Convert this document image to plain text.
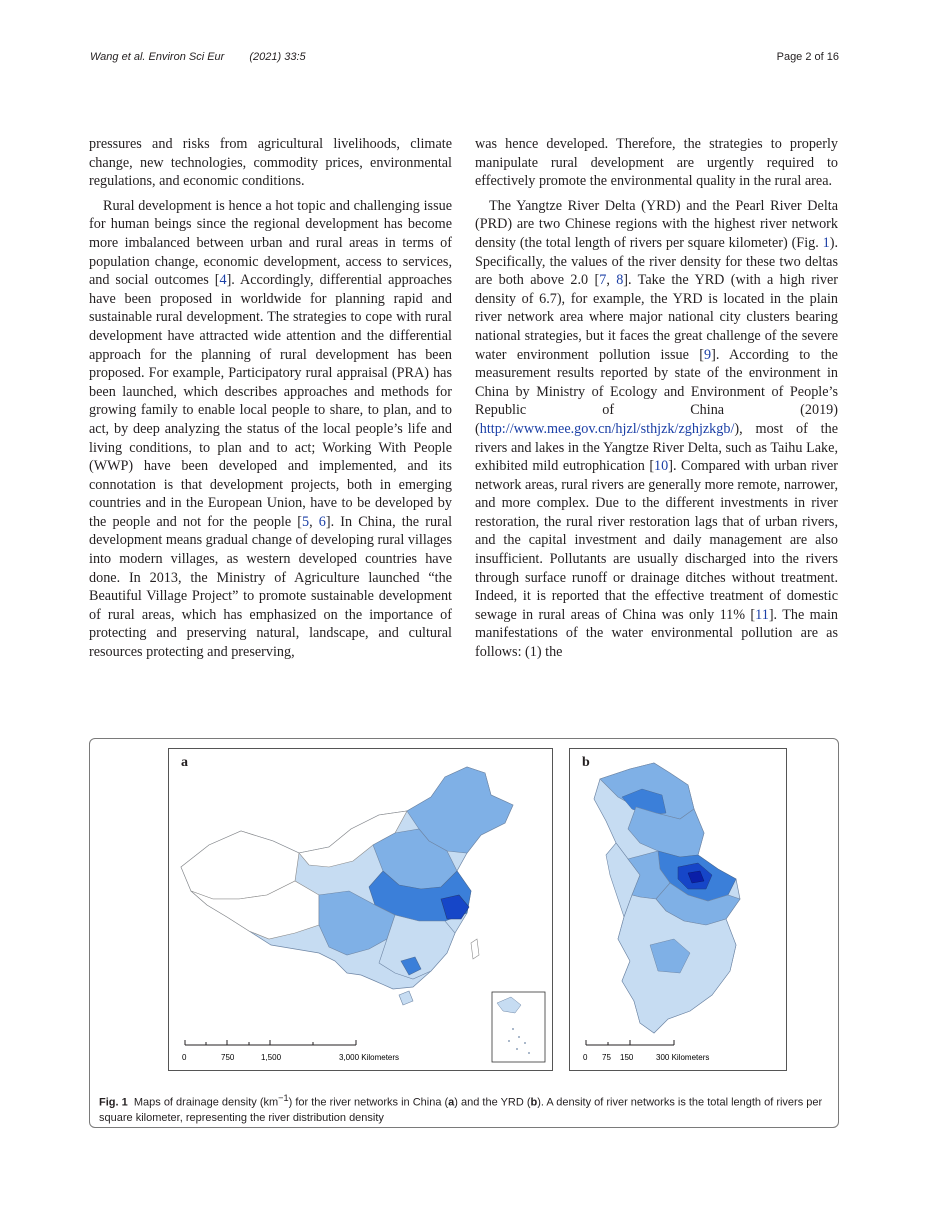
Wang et al. Environ Sci Eur (2021) 33:5	Page 2 of 16

pressures and risks from agricultural livelihoods, climate change, new technologies, commodity prices, environmental regulations, and economic conditions.

Rural development is hence a hot topic and challenging issue for human beings since the regional development has become more imbalanced between urban and rural areas in terms of population change, economic development, access to services, and social outcomes [4]. Accordingly, differential approaches have been proposed in worldwide for planning rapid and sustainable rural development. The strategies to cope with rural development have attracted wide attention and the differential approach for the planning of rural development has been proposed. For example, Participatory rural appraisal (PRA) has been launched, which describes approaches and methods for growing family to enable local people to share, to plan, and to act, by deep analyzing the status of the local people’s life and living conditions, to plan and to act; Working With People (WWP) have been developed and implemented, and its connotation is that development projects, both in emerging countries and in the European Union, have to be developed by the people and not for the people [5, 6]. In China, the rural development means gradual change of developing rural villages into modern villages, as western developed countries have done. In 2013, the Ministry of Agriculture launched “the Beautiful Village Project” to promote sustainable development of rural areas, which has emphasized on the importance of protecting and preserving natural, landscape, and cultural resources protecting and preserving,

was hence developed. Therefore, the strategies to properly manipulate rural development are urgently required to effectively promote the environmental quality in the rural area.

The Yangtze River Delta (YRD) and the Pearl River Delta (PRD) are two Chinese regions with the highest river network density (the total length of rivers per square kilometer) (Fig. 1). Specifically, the values of the river density for these two deltas are both above 2.0 [7, 8]. Take the YRD (with a high river density of 6.7), for example, the YRD is located in the plain river network area where major national city clusters bearing national strategies, but it faces the great challenge of the severe water environment pollution issue [9]. According to the measurement results reported by state of the environment in China by Ministry of Ecology and Environment of People’s Republic of China (2019) (http://www.mee.gov.cn/hjzl/sthjzk/zghjzkgb/), most of the rivers and lakes in the Yangtze River Delta, such as Taihu Lake, exhibited mild eutrophication [10]. Compared with urban river network areas, rural rivers are generally more remote, narrower, and more complex. Due to the different investments in river restoration, the rural river restoration lags that of urban rivers, and the capital investment and daily management are also insufficient. Pollutants are usually discharged into the rivers through surface runoff or drainage ditches without treatment. Indeed, it is reported that the effective treatment of domestic sewage in rural areas of China was only 11% [11]. The main manifestations of the water environmental pollution are as follows: (1) the

a
0	750	1,500	3,000 Kilometers
b
0 75 150	300 Kilometers
Fig. 1 Maps of drainage density $(km^{-1})$ for the river networks in China (a) and the YRD (b). A density of river networks is the total length of rivers per square kilometer, representing the river distribution density
